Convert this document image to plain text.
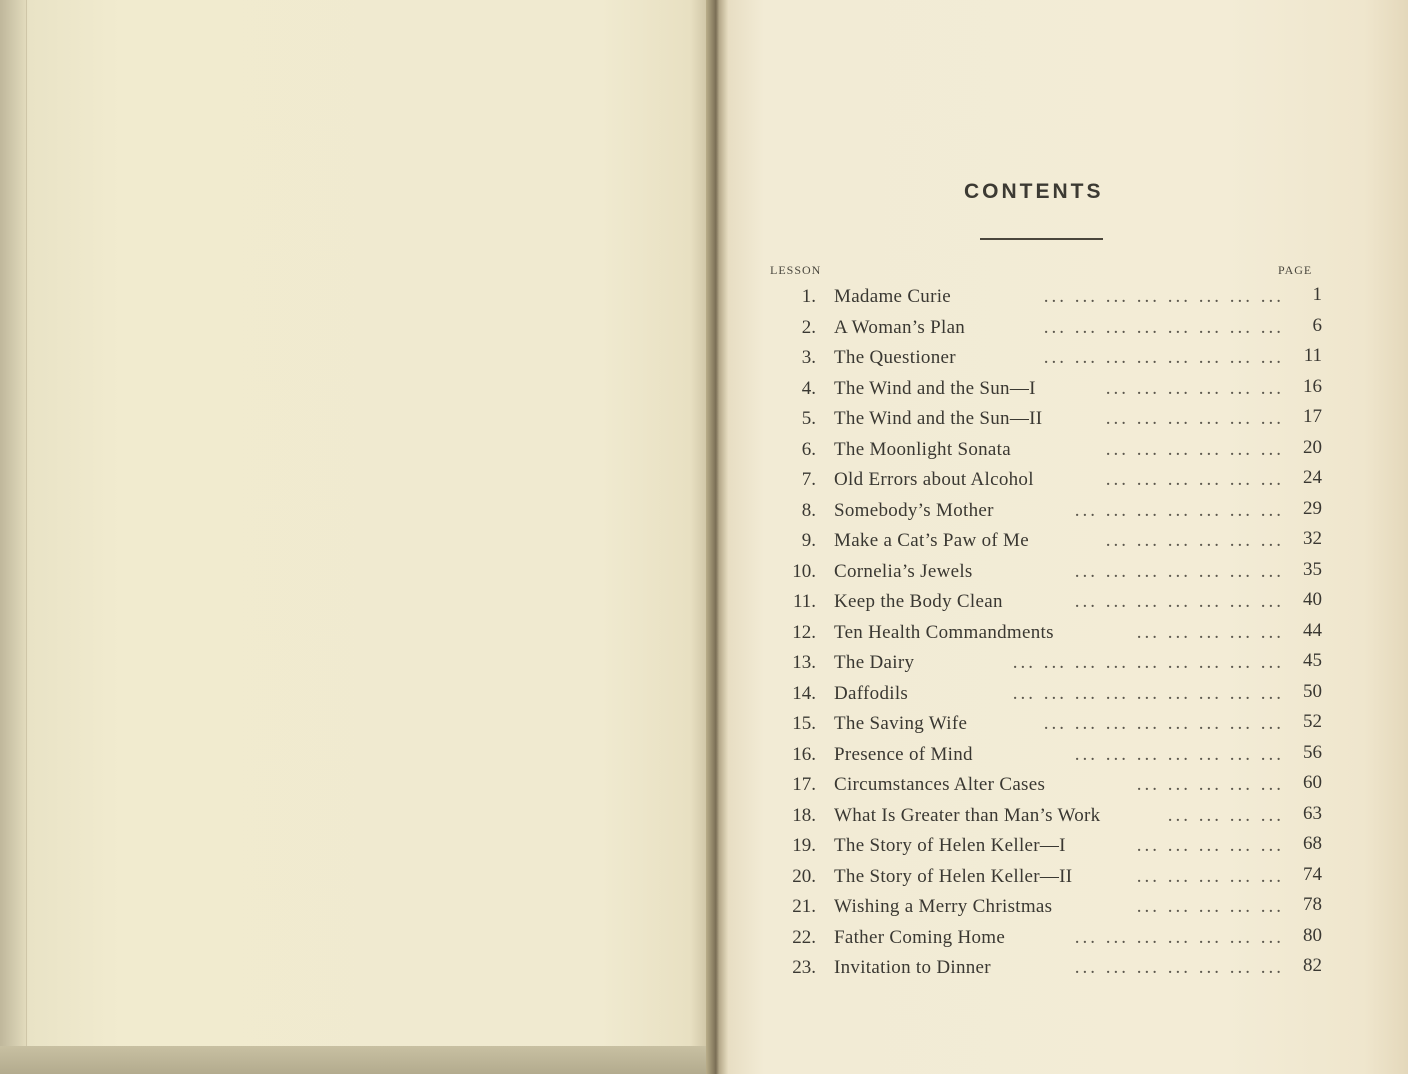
CONTENTS
LESSON	PAGE
1. Madame Curie	... ... ... ... ... ... ... ...	1
2. A Woman’s Plan	... ... ... ... ... ... ... ...	6
3. The Questioner	... ... ... ... ... ... ... ...	11
4. The Wind and the Sun—I	... ... ... ... ... ...	16
5. The Wind and the Sun—II	... ... ... ... ... ...	17
6. The Moonlight Sonata	... ... ... ... ... ...	20
7. Old Errors about Alcohol	... ... ... ... ... ...	24
8. Somebody’s Mother	... ... ... ... ... ... ...	29
9. Make a Cat’s Paw of Me	... ... ... ... ... ...	32
10. Cornelia’s Jewels	... ... ... ... ... ... ...	35
11. Keep the Body Clean	... ... ... ... ... ... ...	40
12. Ten Health Commandments	... ... ... ... ...	44
13. The Dairy	... ... ... ... ... ... ... ... ...	45
14. Daffodils	... ... ... ... ... ... ... ... ...	50
15. The Saving Wife	... ... ... ... ... ... ... ...	52
16. Presence of Mind	... ... ... ... ... ... ...	56
17. Circumstances Alter Cases	... ... ... ... ...	60
18. What Is Greater than Man’s Work	... ... ... ...	63
19. The Story of Helen Keller—I	... ... ... ... ...	68
20. The Story of Helen Keller—II	... ... ... ... ...	74
21. Wishing a Merry Christmas	... ... ... ... ...	78
22. Father Coming Home	... ... ... ... ... ... ...	80
23. Invitation to Dinner	... ... ... ... ... ... ...	82
